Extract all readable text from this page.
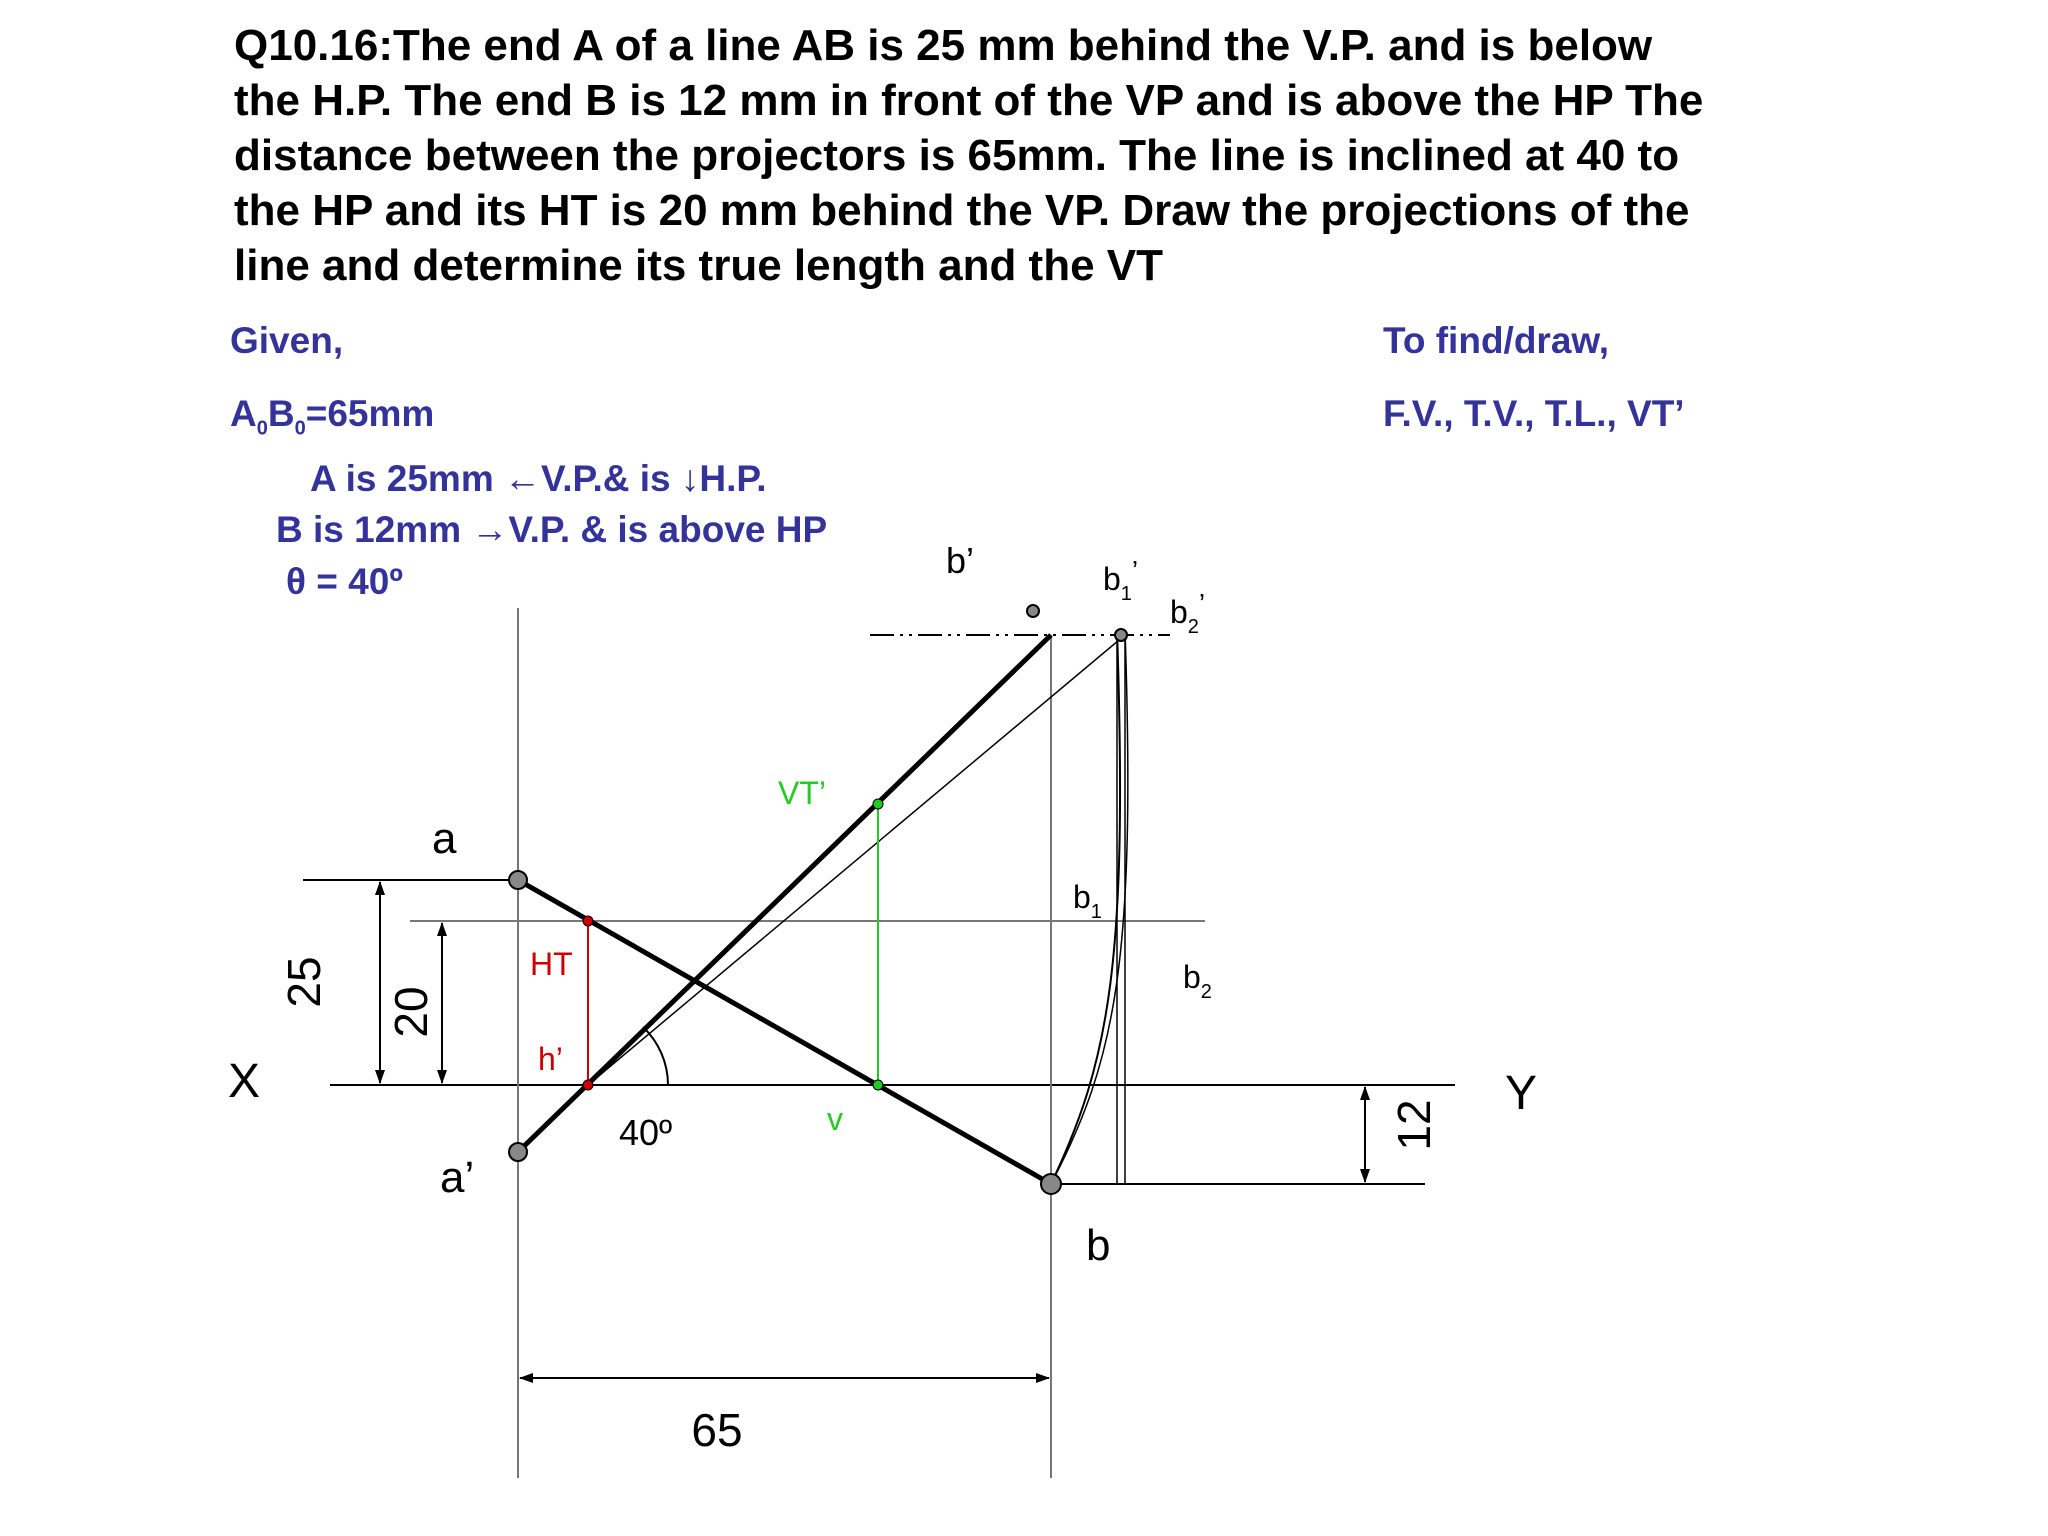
Q10.16:The end A of a line AB is 25 mm behind the V.P. and is below
the H.P. The end B is 12 mm in front of the VP and is above the HP The
distance between the projectors is 65mm. The line is inclined at 40 to
the HP and its HT is 20 mm behind the VP. Draw the projections of the
line and determine its true length and the VT
Given,
$A_0B_0=65mm$
A is 25mm ←V.P.& is ↓H.P.
B is 12mm →V.P. & is above HP
θ = 40º
To find/draw,
F.V., T.V., T.L., VT’
X	Y
a
a’
b
b’	$b_1$’
$b_2$’
$b_1$
$b_2$
HT
h’
VT’
v
40º
25
20
12
65
